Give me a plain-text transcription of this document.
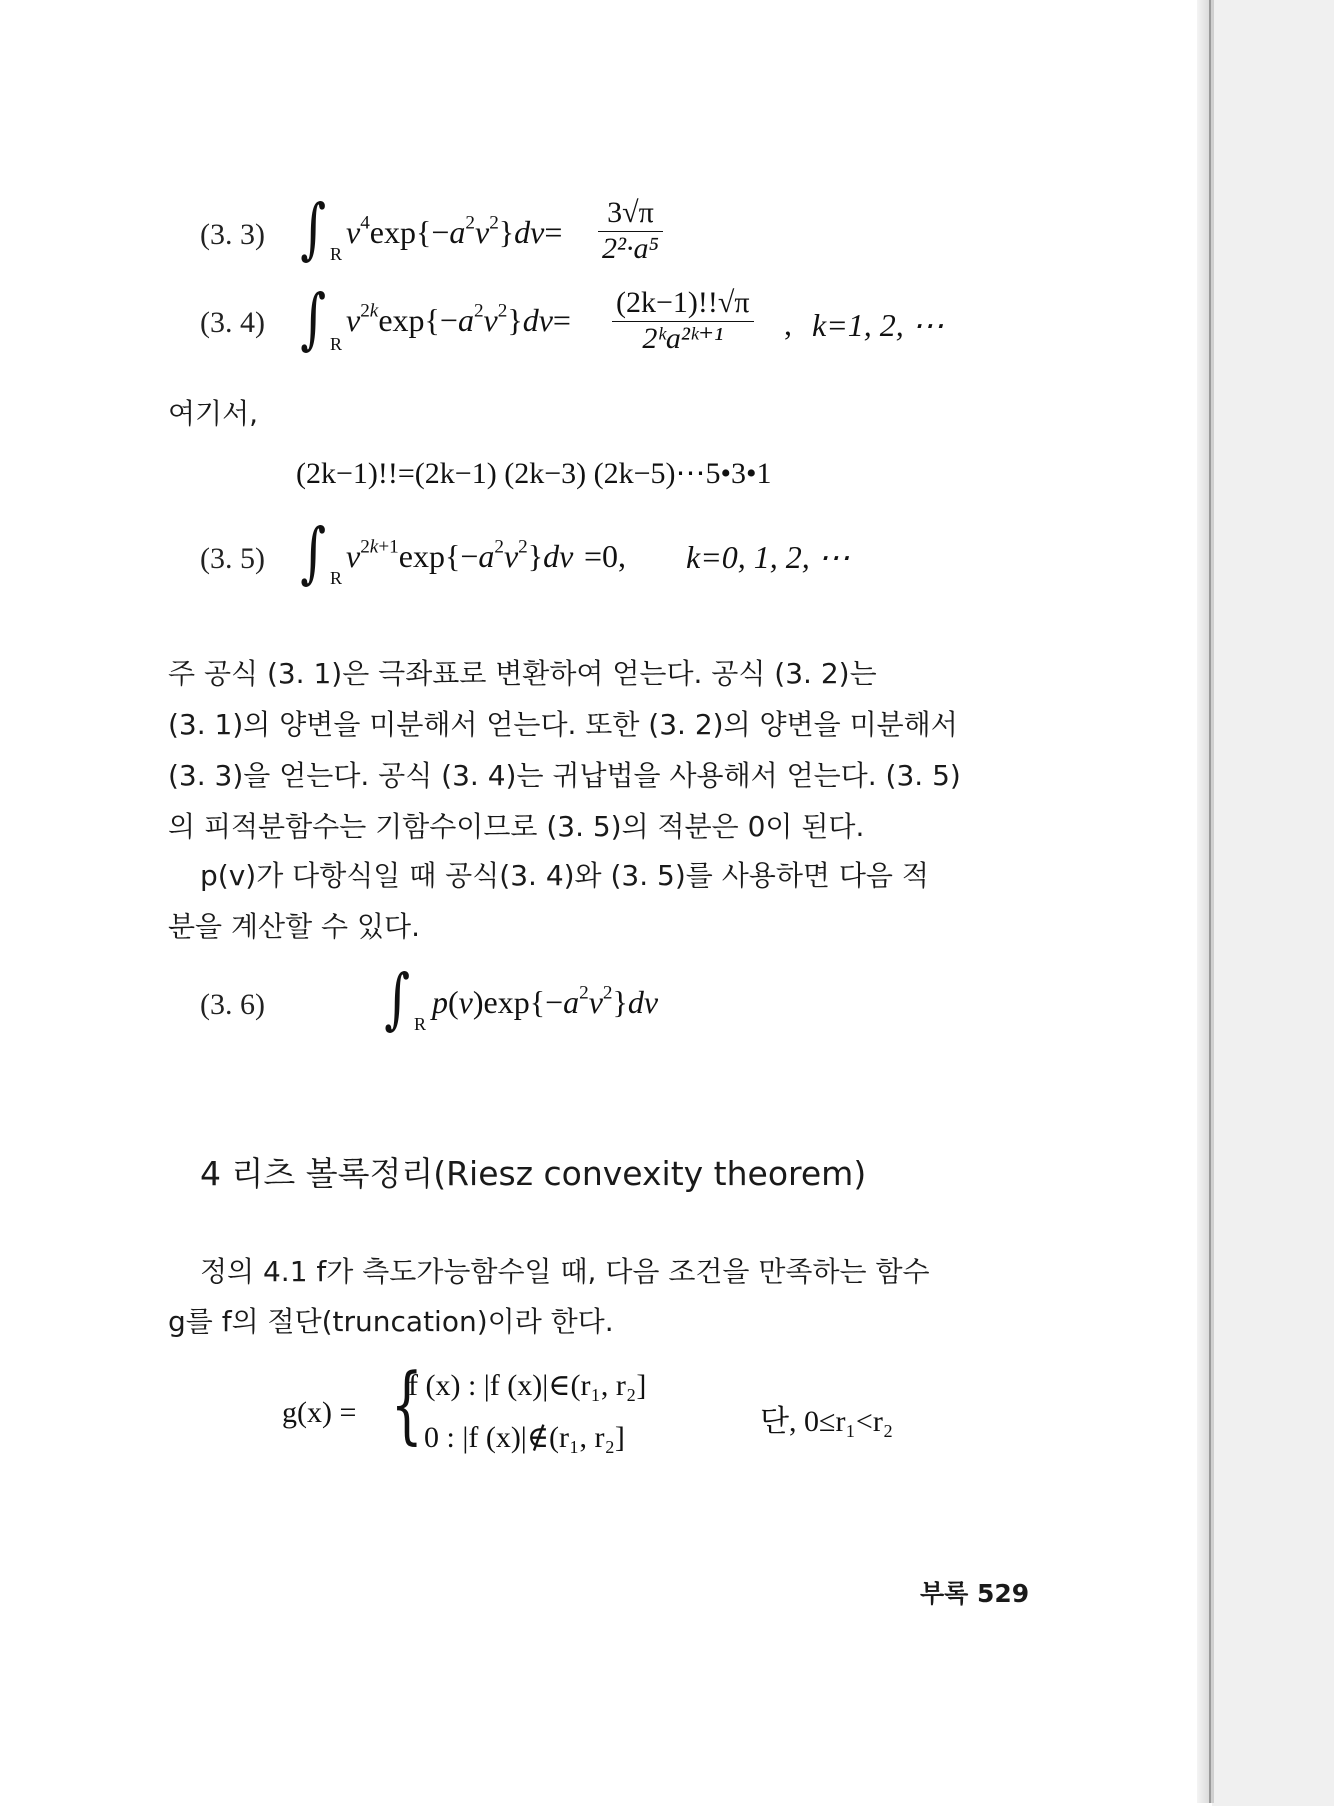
(3. 3) ∫ R
$v^4\exp\{-a^2v^2\}dv= \frac{3√\pi}{\text{2²·a⁵}}$
(3. 4) ∫ R
$v^{2k}\exp\{-a^2v^2\}dv= \frac{(2k-1)!!√\pi}{\text{2ᵏa²ᵏ⁺¹}}$ , k=1, 2, ⋯
여기서,
(2k−1)!!=(2k−1) (2k−3) (2k−5)⋯5•3•1
(3. 5) ∫ R
$v^{2k+1}\exp\{-a^2v^2\}dv =0$, k=0, 1, 2, ⋯
주 공식 (3. 1)은 극좌표로 변환하여 얻는다. 공식 (3. 2)는
(3. 1)의 양변을 미분해서 얻는다. 또한 (3. 2)의 양변을 미분해서
(3. 3)을 얻는다. 공식 (3. 4)는 귀납법을 사용해서 얻는다. (3. 5)
의 피적분함수는 기함수이므로 (3. 5)의 적분은 0이 된다.
p(v)가 다항식일 때 공식(3. 4)와 (3. 5)를 사용하면 다음 적
분을 계산할 수 있다.
(3. 6) ∫ R
$p(v)\exp\{-a^2v^2\}dv$
4 리츠 볼록정리(Riesz convexity theorem)
정의 4.1 f가 측도가능함수일 때, 다음 조건을 만족하는 함수
g를 f의 절단(truncation)이라 한다.
g(x) = {
f (x) : |f (x)|∈(r₁, r₂]
0 : |f (x)|∉(r₁, r₂]	단, 0≤r₁<r₂
부록 529
